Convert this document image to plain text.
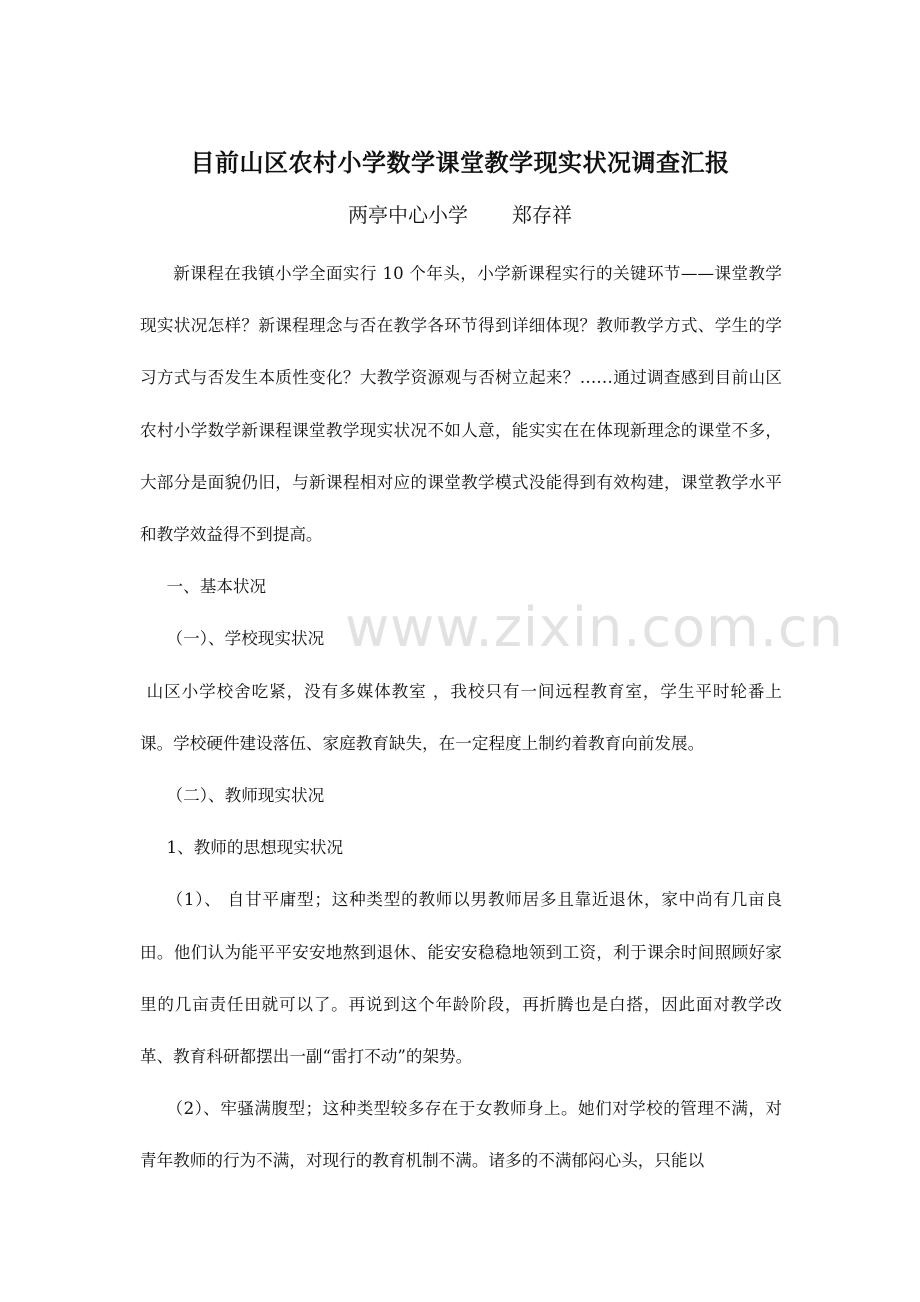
目前山区农村小学数学课堂教学现实状况调查汇报
两亭中心小学 郑存祥

新课程在我镇小学全面实行 10 个年头，小学新课程实行的关键环节——课堂教学现实状况怎样？新课程理念与否在教学各环节得到详细体现？教师教学方式、学生的学习方式与否发生本质性变化？大教学资源观与否树立起来？……通过调查感到目前山区农村小学数学新课程课堂教学现实状况不如人意，能实实在在体现新理念的课堂不多，大部分是面貌仍旧，与新课程相对应的课堂教学模式没能得到有效构建，课堂教学水平和教学效益得不到提高。

一、基本状况

（一）、学校现实状况

山区小学校舍吃紧，没有多媒体教室 ，我校只有一间远程教育室，学生平时轮番上课。学校硬件建设落伍、家庭教育缺失，在一定程度上制约着教育向前发展。

（二）、教师现实状况

1、教师的思想现实状况

（1）、 自甘平庸型；这种类型的教师以男教师居多且靠近退休，家中尚有几亩良田。他们认为能平平安安地熬到退休、能安安稳稳地领到工资，利于课余时间照顾好家里的几亩责任田就可以了。再说到这个年龄阶段，再折腾也是白搭，因此面对教学改革、教育科研都摆出一副“雷打不动”的架势。

（2）、牢骚满腹型；这种类型较多存在于女教师身上。她们对学校的管理不满，对青年教师的行为不满，对现行的教育机制不满。诸多的不满郁闷心头，只能以

www.zixin.com.cn
